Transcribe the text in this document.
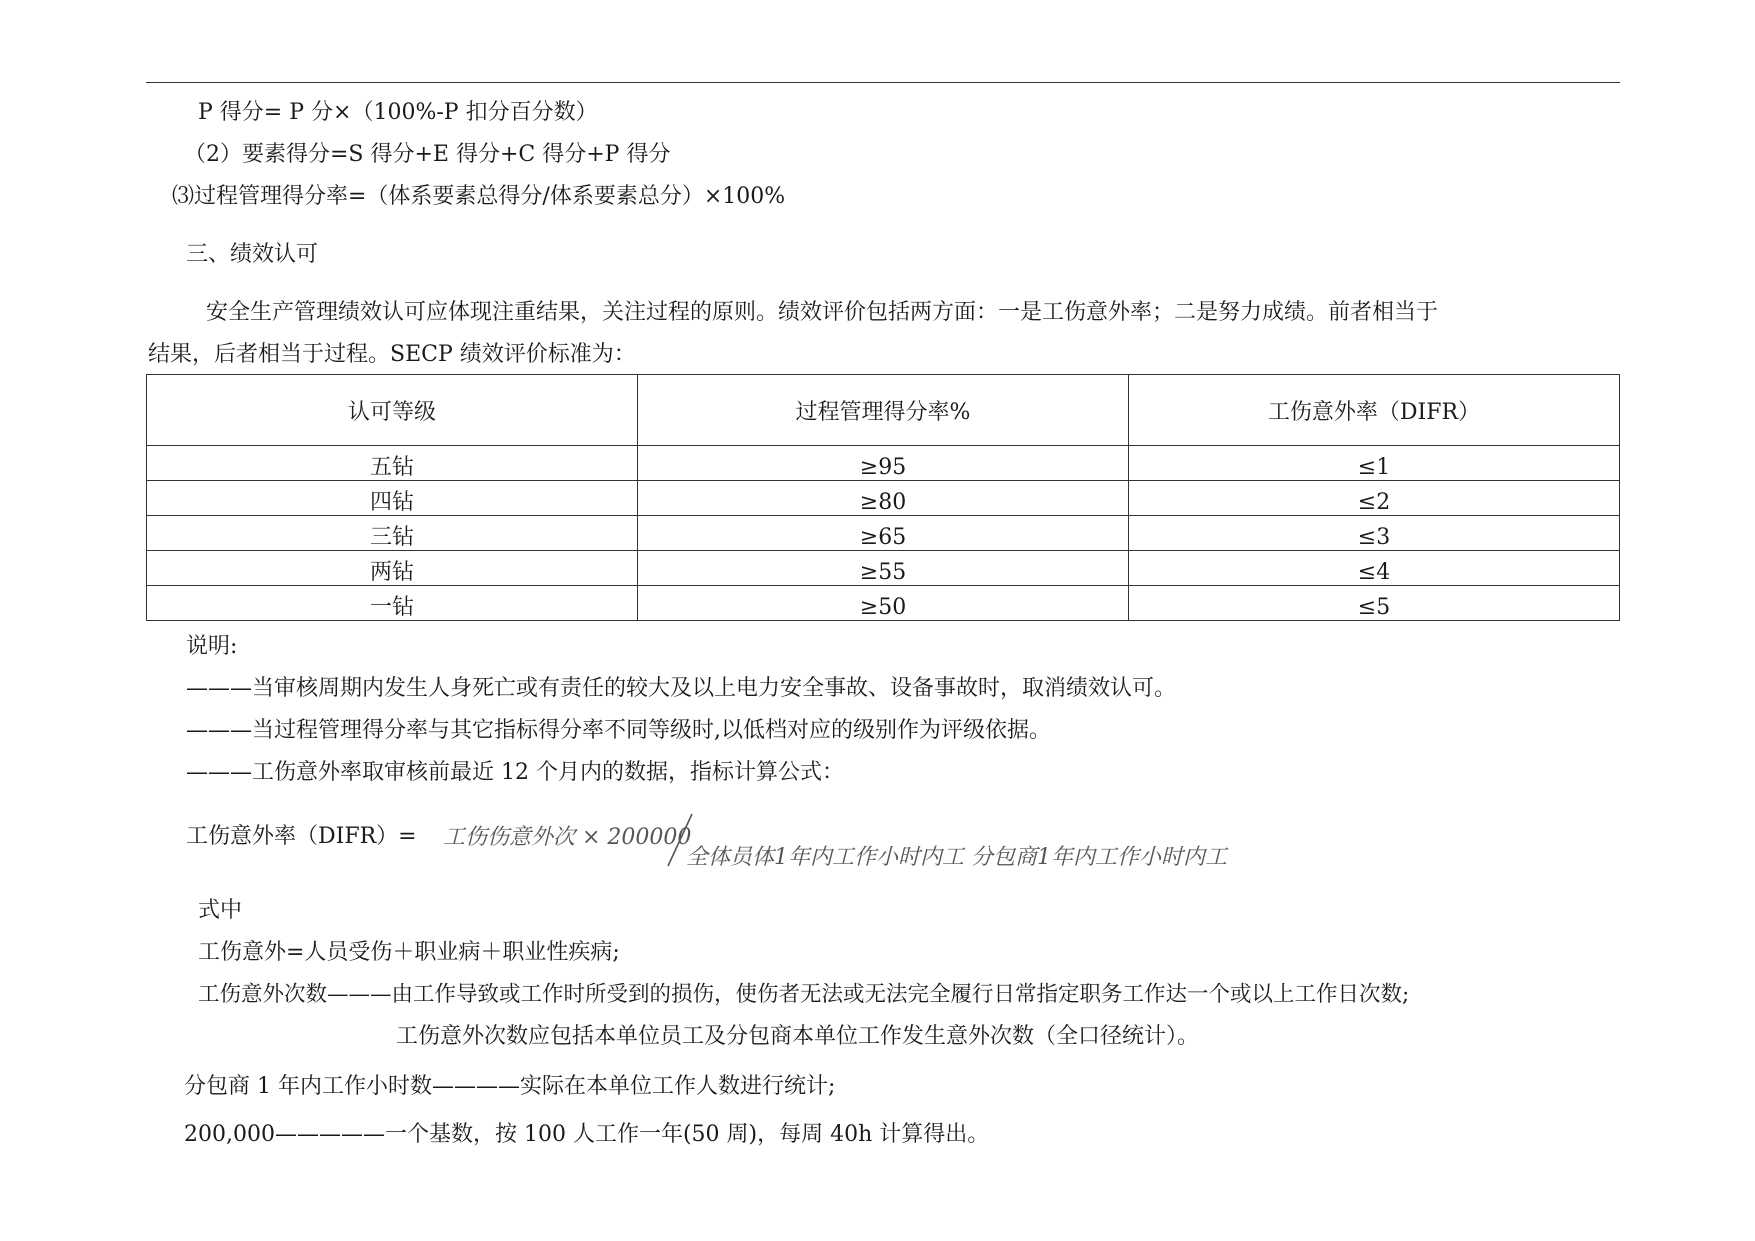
P 得分= P 分×（100%-P 扣分百分数）
（2）要素得分=S 得分+E 得分+C 得分+P 得分
⑶过程管理得分率=（体系要素总得分/体系要素总分）×100%
三、绩效认可
安全生产管理绩效认可应体现注重结果，关注过程的原则。绩效评价包括两方面：一是工伤意外率；二是努力成绩。前者相当于
结果，后者相当于过程。SECP 绩效评价标准为：
认可等级	过程管理得分率%	工伤意外率（DIFR）
五钻	≥95	≤1
四钻	≥80	≤2
三钻	≥65	≤3
两钻	≥55	≤4
一钻	≥50	≤5
说明:
———当审核周期内发生人身死亡或有责任的较大及以上电力安全事故、设备事故时，取消绩效认可。
———当过程管理得分率与其它指标得分率不同等级时,以低档对应的级别作为评级依据。
———工伤意外率取审核前最近 12 个月内的数据，指标计算公式：
工伤意外率（DIFR）= 工伤伤意外次 × 200000
全体员体1年内工作小时内工 分包商1年内工作小时内工
式中
工伤意外=人员受伤＋职业病＋职业性疾病;
工伤意外次数———由工作导致或工作时所受到的损伤，使伤者无法或无法完全履行日常指定职务工作达一个或以上工作日次数;
工伤意外次数应包括本单位员工及分包商本单位工作发生意外次数（全口径统计）。
分包商 1 年内工作小时数————实际在本单位工作人数进行统计;
200,000—————一个基数，按 100 人工作一年(50 周)，每周 40h 计算得出。
